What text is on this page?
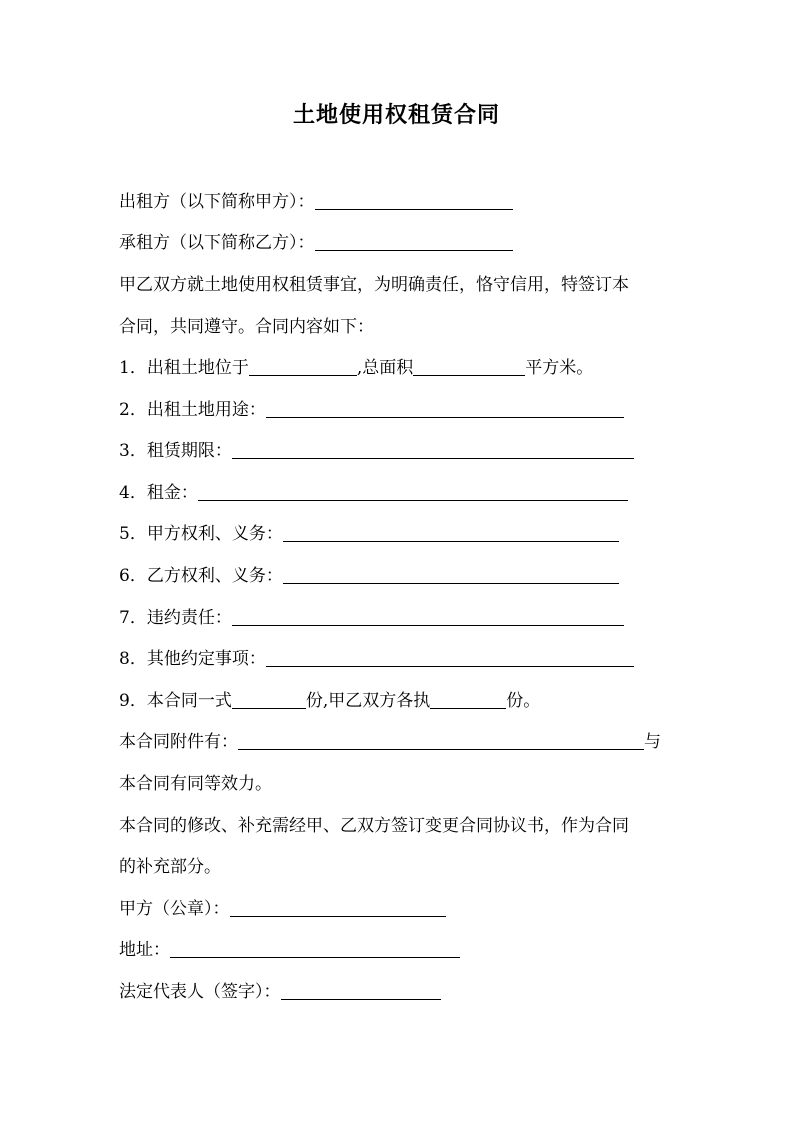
土地使用权租赁合同
出租方（以下简称甲方）：
承租方（以下简称乙方）：
甲乙双方就土地使用权租赁事宜，为明确责任，恪守信用，特签订本
合同，共同遵守。合同内容如下：
1．出租土地位于	,总面积	平方米。
2．出租土地用途：
3．租赁期限：
4．租金：
5．甲方权利、义务：
6．乙方权利、义务：
7．违约责任：
8．其他约定事项：
9．本合同一式	份,甲乙双方各执	份。
本合同附件有：	与
本合同有同等效力。
本合同的修改、补充需经甲、乙双方签订变更合同协议书，作为合同
的补充部分。
甲方（公章）：
地址：
法定代表人（签字）：
